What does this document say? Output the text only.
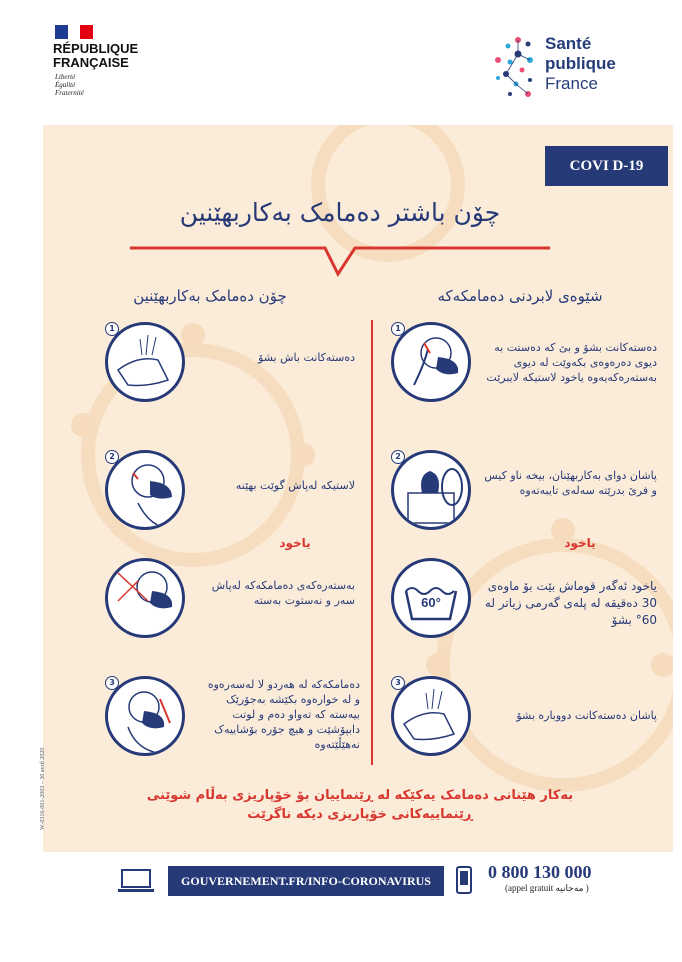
RÉPUBLIQUE
FRANÇAISE
Liberté
Égalité
Fraternité
Santé
publique
France
COVI D-19
چۆن باشتر دەمامک بەکاربهێنین
چۆن دەمامک بەکاربهێنین	شێوەی لابردنی دەمامکەکە
1
دەستەکانت باش بشۆ
2
لاستیکە لەپاش گوێت بهێنە
یاخود
بەستەرەکەی دەمامکەکە لەپاش سەر و نەستوت بەستە
3	دەمامکەکە لە هەردو لا لەسەرەوە و لە خوارەوە بکێشە بەجۆرێک بیەستە کە تەواو دەم و لوتت دابپۆشێت و هیچ جۆرە بۆشاییەک نەهێڵێتەوە
1
دەستەکانت بشۆ و بێ کە دەستت بە دیوی دەرەوەی بکەوێت لە دیوی بەستەرەکەیەوە یاخود لاستیکە لایبرێت
2
پاشان دوای بەکاربهێنان، بیخە ناو کیس و فرێ بدرێتە سەلەی تایبەتەوە
یاخود
60°
یاخود ئەگەر قوماش بێت بۆ ماوەی 30 دەقیقە لە پلەی گەرمی زیاتر لە 60° بشۆ
3
پاشان دەستەکانت دووبارە بشۆ
بەکار هێنانی دەمامک یەکێکە لە ڕێنماییان بۆ خۆپاریزی بەڵام شوێنی ڕێنماییەکانی خۆپاریزی دیکە ناگرێت
W-0316-001-2003 – 30 avril 2020
GOUVERNEMENT.FR/INFO-CORONAVIRUS	0 800 130 000
(appel gratuit مەجانیە )
